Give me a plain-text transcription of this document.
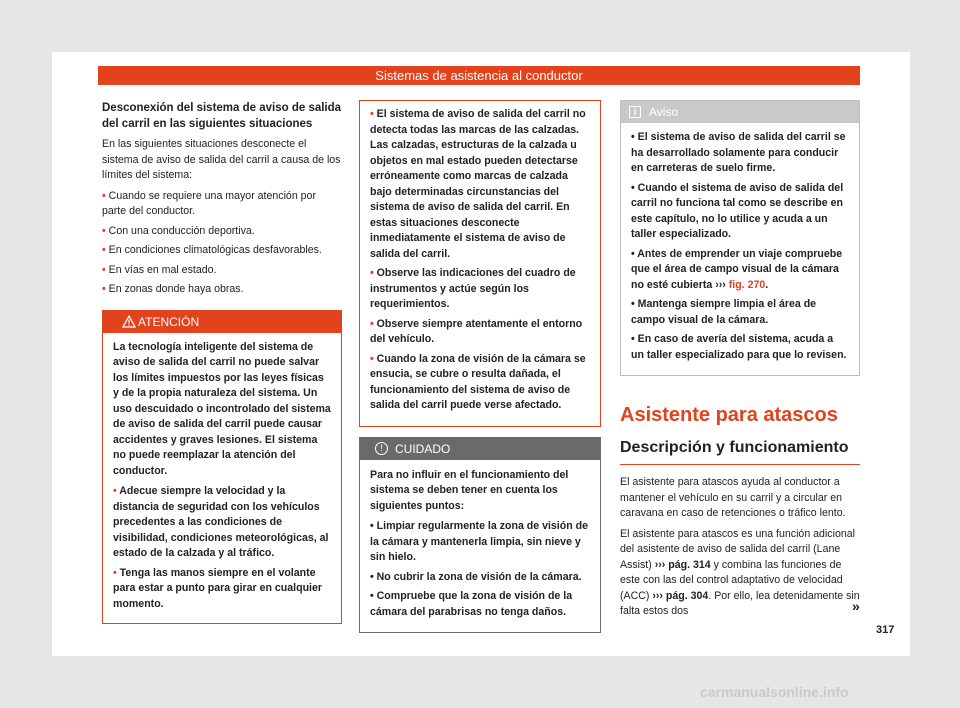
Sistemas de asistencia al conductor
Desconexión del sistema de aviso de salida del carril en las siguientes situaciones

En las siguientes situaciones desconecte el sistema de aviso de salida del carril a causa de los límites del sistema:

• Cuando se requiere una mayor atención por parte del conductor.
• Con una conducción deportiva.
• En condiciones climatológicas desfavorables.
• En vías en mal estado.
• En zonas donde haya obras.
ATENCIÓN

La tecnología inteligente del sistema de aviso de salida del carril no puede salvar los límites impuestos por las leyes físicas y de la propia naturaleza del sistema. Un uso descuidado o incontrolado del sistema de aviso de salida del carril puede causar accidentes y graves lesiones. El sistema no puede reemplazar la atención del conductor.

• Adecue siempre la velocidad y la distancia de seguridad con los vehículos precedentes a las condiciones de visibilidad, condiciones meteorológicas, al estado de la calzada y al tráfico.
• Tenga las manos siempre en el volante para estar a punto para girar en cualquier momento.
• El sistema de aviso de salida del carril no detecta todas las marcas de las calzadas. Las calzadas, estructuras de la calzada u objetos en mal estado pueden detectarse erróneamente como marcas de calzada bajo determinadas circunstancias del sistema de aviso de salida del carril. En estas situaciones desconecte inmediatamente el sistema de aviso de salida del carril.
• Observe las indicaciones del cuadro de instrumentos y actúe según los requerimientos.
• Observe siempre atentamente el entorno del vehículo.
• Cuando la zona de visión de la cámara se ensucia, se cubre o resulta dañada, el funcionamiento del sistema de aviso de salida del carril puede verse afectado.
!	CUIDADO

Para no influir en el funcionamiento del sistema se deben tener en cuenta los siguientes puntos:

• Limpiar regularmente la zona de visión de la cámara y mantenerla limpia, sin nieve y sin hielo.
• No cubrir la zona de visión de la cámara.
• Compruebe que la zona de visión de la cámara del parabrisas no tenga daños.
i	Aviso
• El sistema de aviso de salida del carril se ha desarrollado solamente para conducir en carreteras de suelo firme.
• Cuando el sistema de aviso de salida del carril no funciona tal como se describe en este capítulo, no lo utilice y acuda a un taller especializado.
• Antes de emprender un viaje compruebe que el área de campo visual de la cámara no esté cubierta ››› fig. 270.
• Mantenga siempre limpia el área de campo visual de la cámara.
• En caso de avería del sistema, acuda a un taller especializado para que lo revisen.
Asistente para atascos
Descripción y funcionamiento

El asistente para atascos ayuda al conductor a mantener el vehículo en su carril y a circular en caravana en caso de retenciones o tráfico lento.

El asistente para atascos es una función adicional del asistente de aviso de salida del carril (Lane Assist) ››› pág. 314 y combina las funciones de este con las del control adaptativo de velocidad (ACC) ››› pág. 304. Por ello, lea detenidamente sin falta estos dos	»
317
carmanualsonline.info
